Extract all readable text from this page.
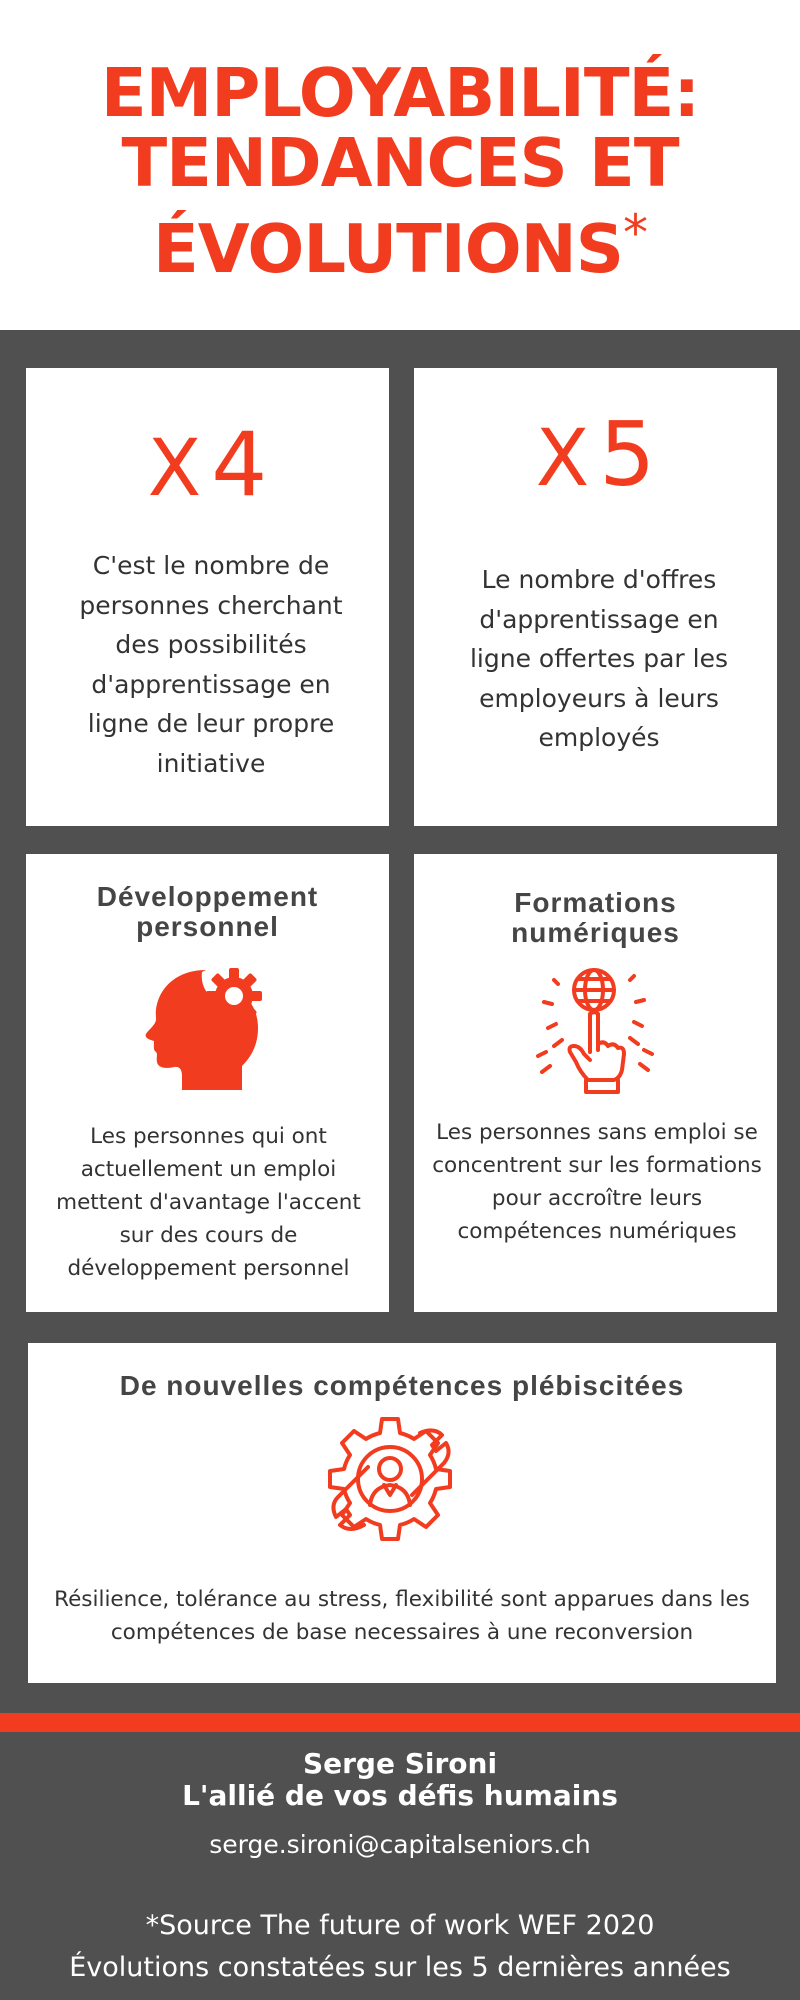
EMPLOYABILITÉ:
TENDANCES ET
ÉVOLUTIONS*
X 4

C'est le nombre de personnes cherchant des possibilités d'apprentissage en ligne de leur propre initiative

X 5

Le nombre d'offres d'apprentissage en ligne offertes par les employeurs à leurs employés

Développement
personnel

Les personnes qui ont actuellement un emploi mettent d'avantage l'accent sur des cours de développement personnel

Formations
numériques

Les personnes sans emploi se concentrent sur les formations pour accroître leurs compétences numériques

De nouvelles compétences plébiscitées

Résilience, tolérance au stress, flexibilité sont apparues dans les compétences de base necessaires à une reconversion

Serge Sironi
L'allié de vos défis humains
serge.sironi@capitalseniors.ch
*Source The future of work WEF 2020
Évolutions constatées sur les 5 dernières années
